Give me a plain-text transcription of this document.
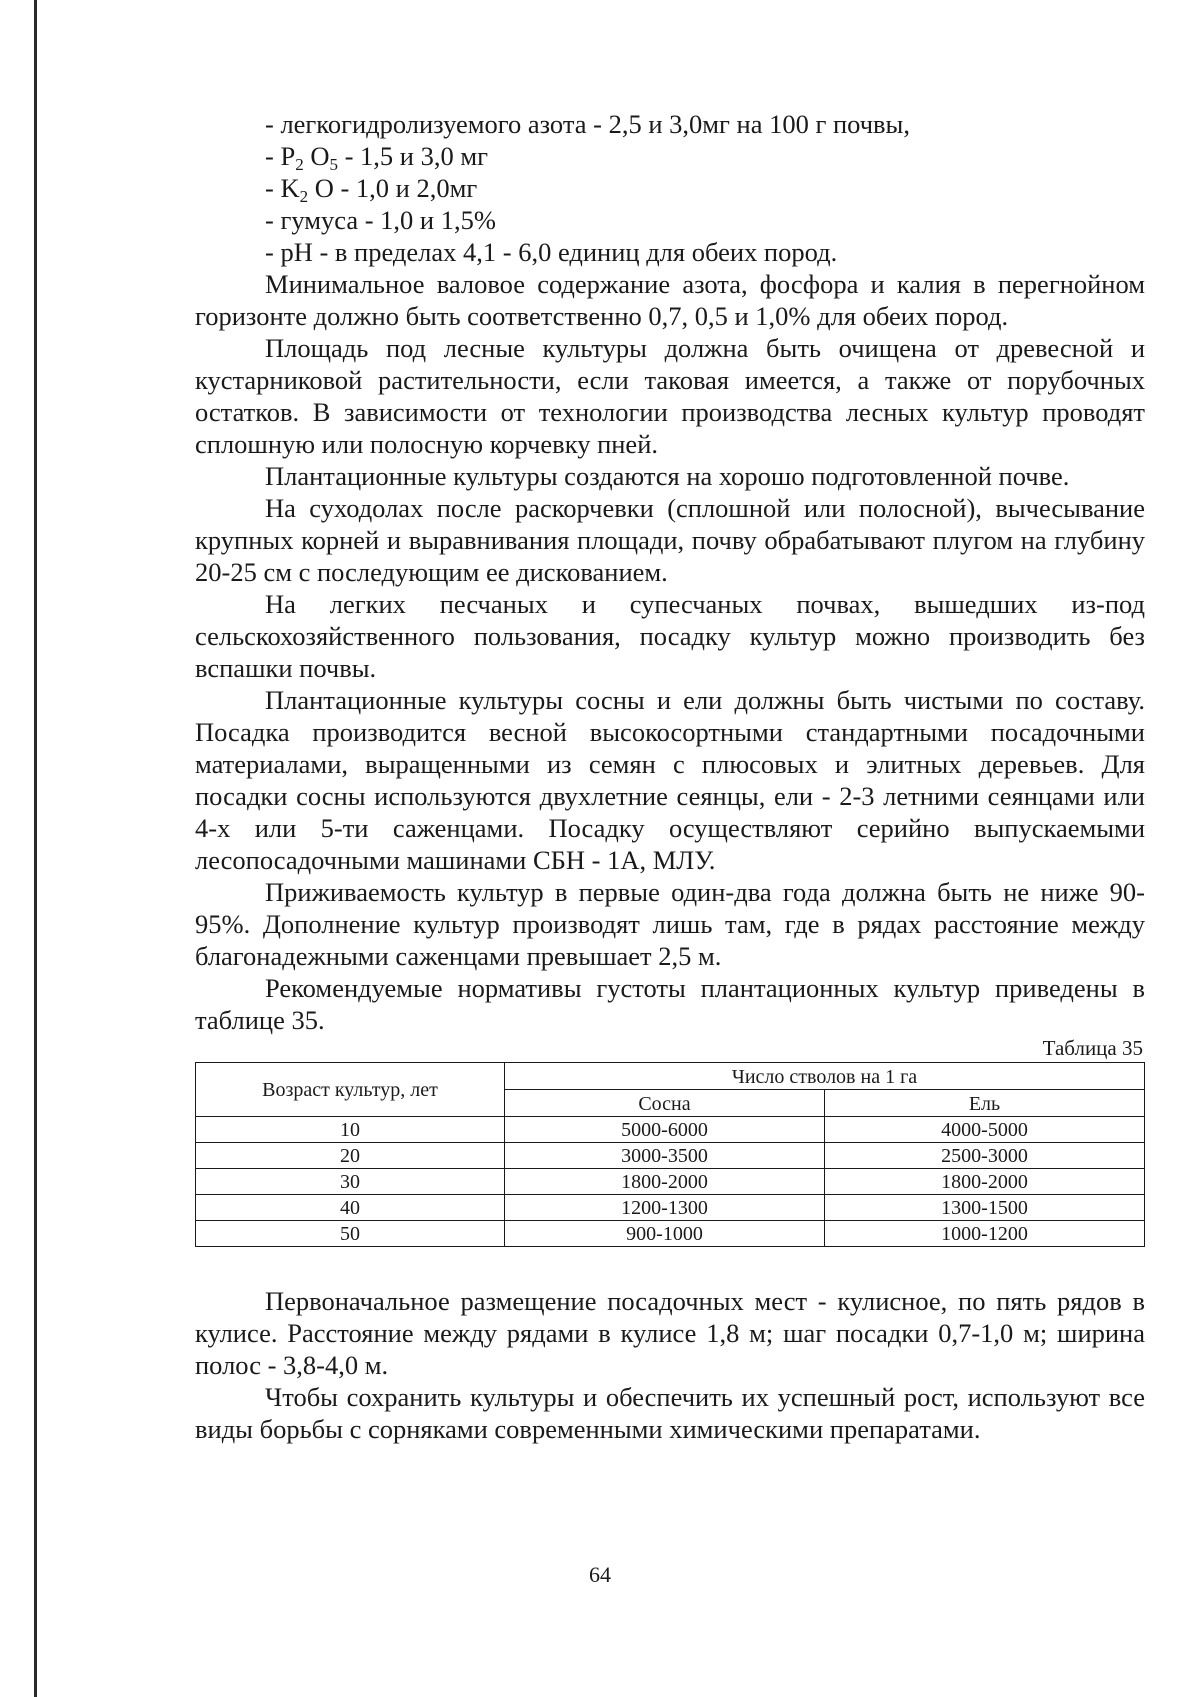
- легкогидролизуемого азота - 2,5 и 3,0мг на 100 г почвы,

- $P_2$ $O_5 - 1,5$ и 3,0 мг

- $K_2$ O - 1,0 и 2,0мг

- гумуса - 1,0 и 1,5%

- рН - в пределах 4,1 - 6,0 единиц для обеих пород.

Минимальное валовое содержание азота, фосфора и калия в перегнойном горизонте должно быть соответственно 0,7, 0,5 и 1,0% для обеих пород.

Площадь под лесные культуры должна быть очищена от древесной и кустарниковой растительности, если таковая имеется, а также от порубочных остатков. В зависимости от технологии производства лесных культур проводят сплошную или полосную корчевку пней.

Плантационные культуры создаются на хорошо подготовленной почве.

На суходолах после раскорчевки (сплошной или полосной), вычесывание крупных корней и выравнивания площади, почву обрабатывают плугом на глубину 20-25 см с последующим ее дискованием.

На легких песчаных и супесчаных почвах, вышедших из-под сельскохозяйственного пользования, посадку культур можно производить без вспашки почвы.

Плантационные культуры сосны и ели должны быть чистыми по составу. Посадка производится весной высокосортными стандартными посадочными материалами, выращенными из семян с плюсовых и элитных деревьев. Для посадки сосны используются двухлетние сеянцы, ели - 2-3 летними сеянцами или 4-х или 5-ти саженцами. Посадку осуществляют серийно выпускаемыми лесопосадочными машинами СБН - 1А, МЛУ.

Приживаемость культур в первые один-два года должна быть не ниже 90-95%. Дополнение культур производят лишь там, где в рядах расстояние между благонадежными саженцами превышает 2,5 м.

Рекомендуемые нормативы густоты плантационных культур приведены в таблице 35.

Таблица 35

Возраст культур, лет	Число стволов на 1 га	
	Сосна	Ель
10	5000-6000	4000-5000
20	3000-3500	2500-3000
30	1800-2000	1800-2000
40	1200-1300	1300-1500
50	900-1000	1000-1200

Первоначальное размещение посадочных мест - кулисное, по пять рядов в кулисе. Расстояние между рядами в кулисе 1,8 м; шаг посадки 0,7-1,0 м; ширина полос - 3,8-4,0 м.

Чтобы сохранить культуры и обеспечить их успешный рост, используют все виды борьбы с сорняками современными химическими препаратами.

64
